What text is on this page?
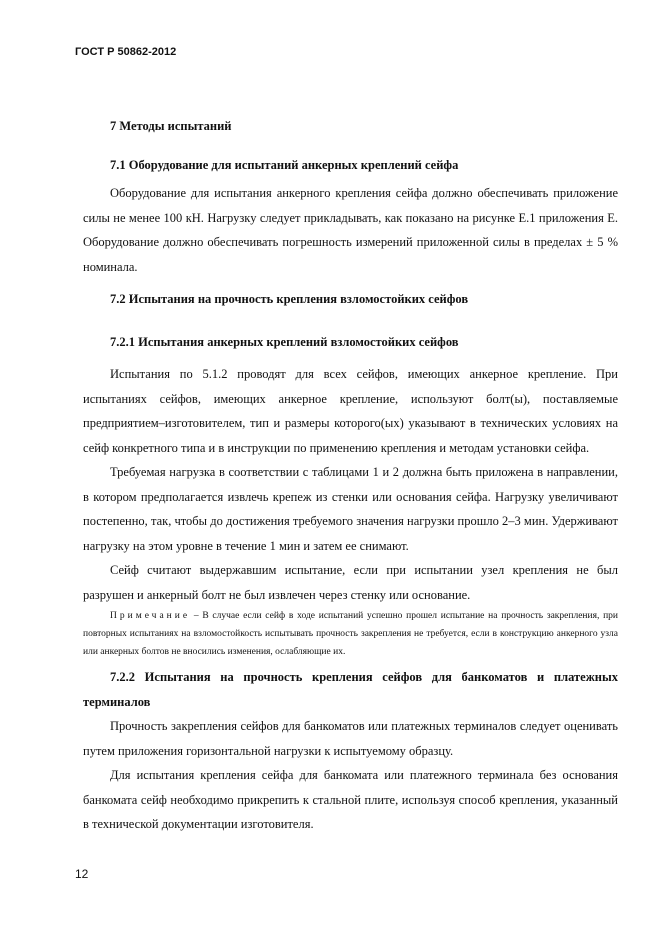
ГОСТ Р 50862-2012

7 Методы испытаний

7.1 Оборудование для испытаний анкерных креплений сейфа

Оборудование для испытания анкерного крепления сейфа должно обеспечивать приложение силы не менее 100 кН. Нагрузку следует прикладывать, как показано на рисунке Е.1 приложения Е. Оборудование должно обеспечивать погрешность измерений приложенной силы в пределах ± 5 % номинала.

7.2 Испытания на прочность крепления взломостойких сейфов

7.2.1 Испытания анкерных креплений взломостойких сейфов

Испытания по 5.1.2 проводят для всех сейфов, имеющих анкерное крепление. При испытаниях сейфов, имеющих анкерное крепление, используют болт(ы), поставляемые предприятием–изготовителем, тип и размеры которого(ых) указывают в технических условиях на сейф конкретного типа и в инструкции по применению крепления и методам установки сейфа.

Требуемая нагрузка в соответствии с таблицами 1 и 2 должна быть приложена в направлении, в котором предполагается извлечь крепеж из стенки или основания сейфа. Нагрузку увеличивают постепенно, так, чтобы до достижения требуемого значения нагрузки прошло 2–3 мин. Удерживают нагрузку на этом уровне в течение 1 мин и затем ее снимают.

Сейф считают выдержавшим испытание, если при испытании узел крепления не был разрушен и анкерный болт не был извлечен через стенку или основание.

Примечание – В случае если сейф в ходе испытаний успешно прошел испытание на прочность закрепления, при повторных испытаниях на взломостойкость испытывать прочность закрепления не требуется, если в конструкцию анкерного узла или анкерных болтов не вносились изменения, ослабляющие их.

7.2.2 Испытания на прочность крепления сейфов для банкоматов и платежных терминалов

Прочность закрепления сейфов для банкоматов или платежных терминалов следует оценивать путем приложения горизонтальной нагрузки к испытуемому образцу.

Для испытания крепления сейфа для банкомата или платежного терминала без основания банкомата сейф необходимо прикрепить к стальной плите, используя способ крепления, указанный в технической документации изготовителя.

12
